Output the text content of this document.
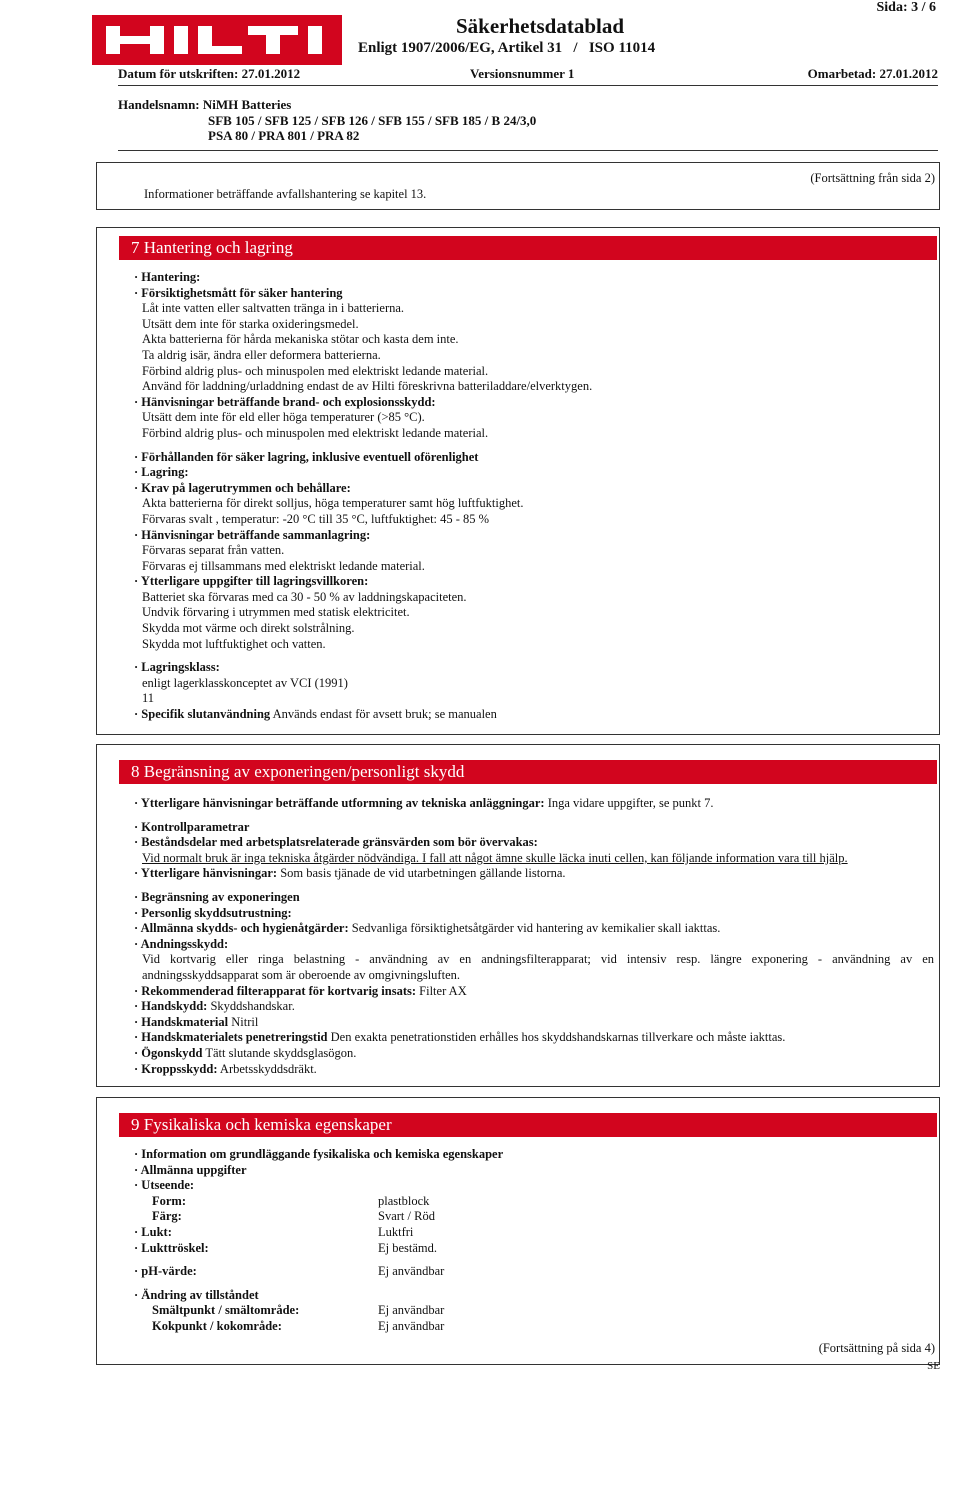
Säkerhetsdatablad
Enligt 1907/2006/EG, Artikel 31   /   ISO 11014
Sida: 3 / 6
Datum för utskriften: 27.01.2012	Versionsnummer 1	Omarbetad: 27.01.2012
Handelsnamn: NiMH Batteries
SFB 105 / SFB 125 / SFB 126 / SFB 155 / SFB 185 / B 24/3,0
PSA 80 / PRA 801 / PRA 82
(Fortsättning från sida 2)
Informationer beträffande avfallshantering se kapitel 13.
7 Hantering och lagring
· Hantering:
· Försiktighetsmått för säker hantering
Låt inte vatten eller saltvatten tränga in i batterierna.
Utsätt dem inte för starka oxideringsmedel.
Akta batterierna för hårda mekaniska stötar och kasta dem inte.
Ta aldrig isär, ändra eller deformera batterierna.
Förbind aldrig plus- och minuspolen med elektriskt ledande material.
Använd för laddning/urladdning endast de av Hilti föreskrivna batteriladdare/elverktygen.
· Hänvisningar beträffande brand- och explosionsskydd:
Utsätt dem inte för eld eller höga temperaturer (>85 °C).
Förbind aldrig plus- och minuspolen med elektriskt ledande material.
· Förhållanden för säker lagring, inklusive eventuell oförenlighet
· Lagring:
· Krav på lagerutrymmen och behållare:
Akta batterierna för direkt solljus, höga temperaturer samt hög luftfuktighet.
Förvaras svalt , temperatur: -20 °C till 35 °C, luftfuktighet: 45 - 85 %
· Hänvisningar beträffande sammanlagring:
Förvaras separat från vatten.
Förvaras ej tillsammans med elektriskt ledande material.
· Ytterligare uppgifter till lagringsvillkoren:
Batteriet ska förvaras med ca 30 - 50 % av laddningskapaciteten.
Undvik förvaring i utrymmen med statisk elektricitet.
Skydda mot värme och direkt solstrålning.
Skydda mot luftfuktighet och vatten.
· Lagringsklass:
enligt lagerklasskonceptet av VCI (1991)
11
· Specifik slutanvändning Används endast för avsett bruk; se manualen
8 Begränsning av exponeringen/personligt skydd
· Ytterligare hänvisningar beträffande utformning av tekniska anläggningar: Inga vidare uppgifter, se punkt 7.
· Kontrollparametrar
· Beståndsdelar med arbetsplatsrelaterade gränsvärden som bör övervakas:
Vid normalt bruk är inga tekniska åtgärder nödvändiga. I fall att något ämne skulle läcka inuti cellen, kan följande information vara till hjälp.
· Ytterligare hänvisningar: Som basis tjänade de vid utarbetningen gällande listorna.
· Begränsning av exponeringen
· Personlig skyddsutrustning:
· Allmänna skydds- och hygienåtgärder: Sedvanliga försiktighetsåtgärder vid hantering av kemikalier skall iakttas.
· Andningsskydd:
Vid kortvarig eller ringa belastning - användning av en andningsfilterapparat; vid intensiv resp. längre exponering - användning av en
andningsskyddsapparat som är oberoende av omgivningsluften.
· Rekommenderad filterapparat för kortvarig insats: Filter AX
· Handskydd: Skyddshandskar.
· Handskmaterial Nitril
· Handskmaterialets penetreringstid Den exakta penetrationstiden erhålles hos skyddshandskarnas tillverkare och måste iakttas.
· Ögonskydd Tätt slutande skyddsglasögon.
· Kroppsskydd: Arbetsskyddsdräkt.
9 Fysikaliska och kemiska egenskaper
· Information om grundläggande fysikaliska och kemiska egenskaper
· Allmänna uppgifter
· Utseende:
Form:	plastblock
Färg:	Svart / Röd
· Lukt:	Luktfri
· Lukttröskel:	Ej bestämd.
· pH-värde:	Ej användbar
· Ändring av tillståndet
Smältpunkt / smältområde:	Ej användbar
Kokpunkt / kokområde:	Ej användbar
(Fortsättning på sida 4)
SE
